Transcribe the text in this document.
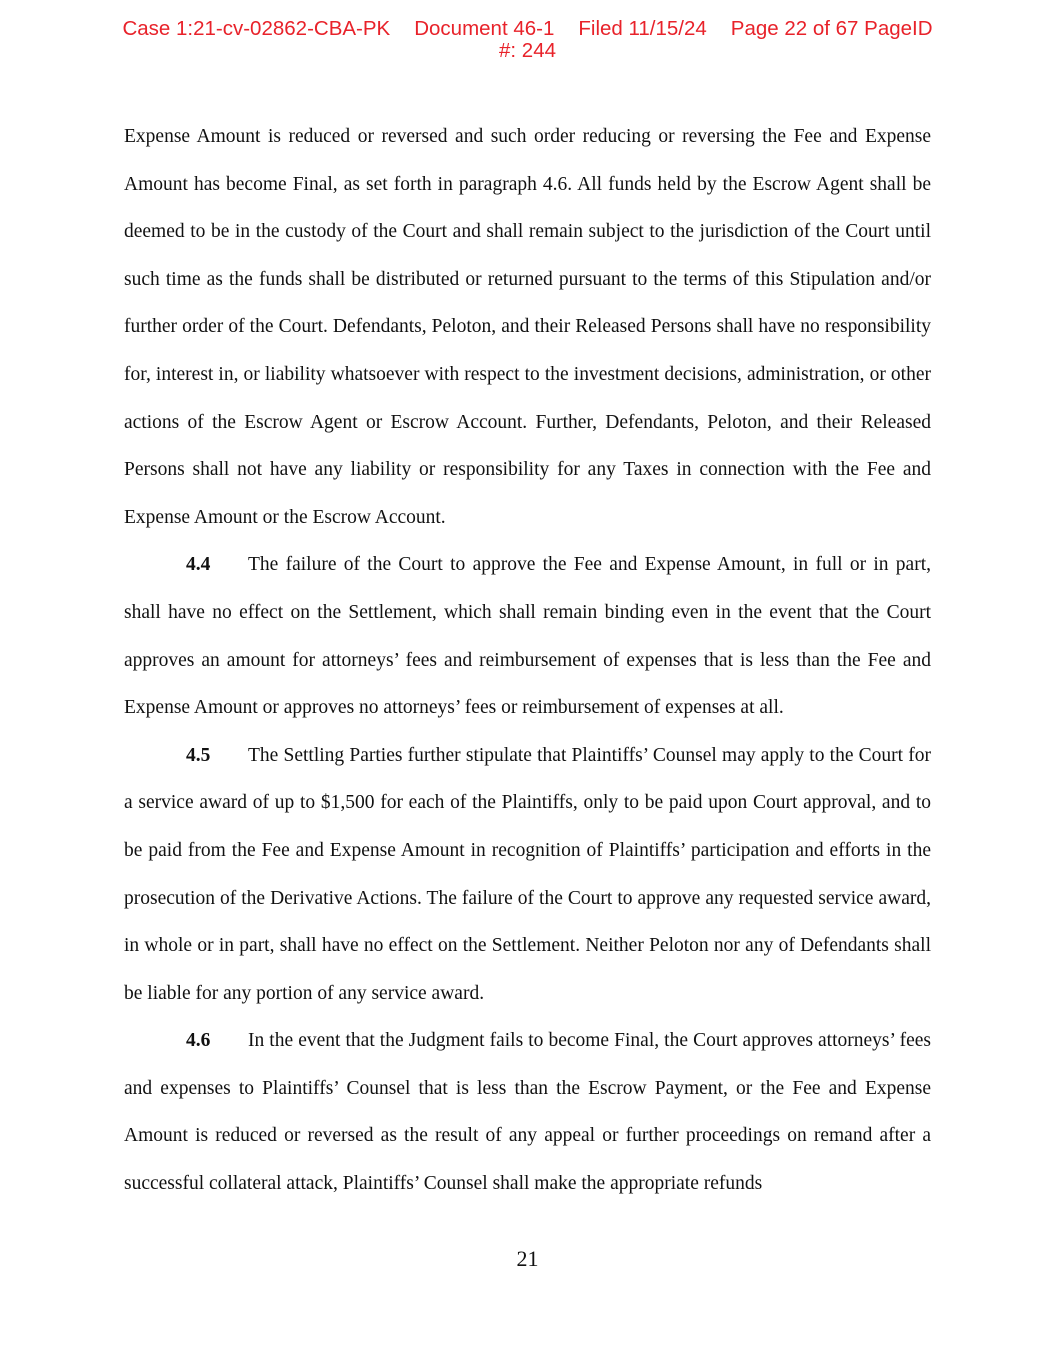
Case 1:21-cv-02862-CBA-PK Document 46-1 Filed 11/15/24 Page 22 of 67 PageID
#: 244

Expense Amount is reduced or reversed and such order reducing or reversing the Fee and Expense Amount has become Final, as set forth in paragraph 4.6. All funds held by the Escrow Agent shall be deemed to be in the custody of the Court and shall remain subject to the jurisdiction of the Court until such time as the funds shall be distributed or returned pursuant to the terms of this Stipulation and/or further order of the Court. Defendants, Peloton, and their Released Persons shall have no responsibility for, interest in, or liability whatsoever with respect to the investment decisions, administration, or other actions of the Escrow Agent or Escrow Account. Further, Defendants, Peloton, and their Released Persons shall not have any liability or responsibility for any Taxes in connection with the Fee and Expense Amount or the Escrow Account.

4.4 The failure of the Court to approve the Fee and Expense Amount, in full or in part, shall have no effect on the Settlement, which shall remain binding even in the event that the Court approves an amount for attorneys’ fees and reimbursement of expenses that is less than the Fee and Expense Amount or approves no attorneys’ fees or reimbursement of expenses at all.

4.5 The Settling Parties further stipulate that Plaintiffs’ Counsel may apply to the Court for a service award of up to $1,500 for each of the Plaintiffs, only to be paid upon Court approval, and to be paid from the Fee and Expense Amount in recognition of Plaintiffs’ participation and efforts in the prosecution of the Derivative Actions. The failure of the Court to approve any requested service award, in whole or in part, shall have no effect on the Settlement. Neither Peloton nor any of Defendants shall be liable for any portion of any service award.

4.6 In the event that the Judgment fails to become Final, the Court approves attorneys’ fees and expenses to Plaintiffs’ Counsel that is less than the Escrow Payment, or the Fee and Expense Amount is reduced or reversed as the result of any appeal or further proceedings on remand after a successful collateral attack, Plaintiffs’ Counsel shall make the appropriate refunds

21
